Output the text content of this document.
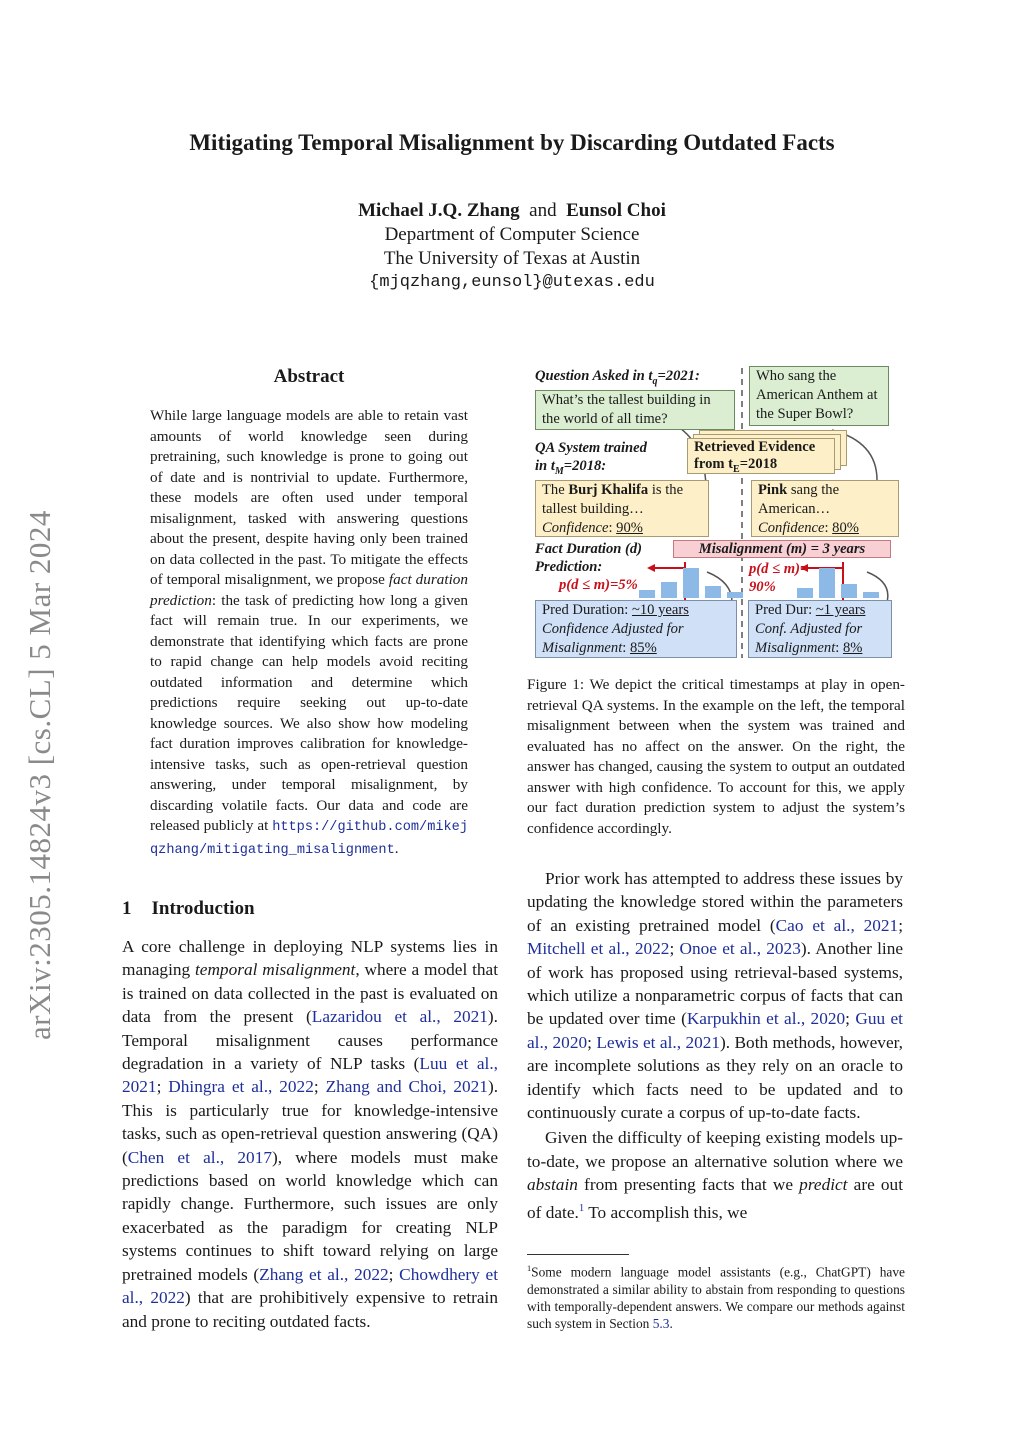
arXiv:2305.14824v3 [cs.CL] 5 Mar 2024
Mitigating Temporal Misalignment by Discarding Outdated Facts
Michael J.Q. Zhang and Eunsol Choi
Department of Computer Science
The University of Texas at Austin
{mjqzhang,eunsol}@utexas.edu
Abstract
While large language models are able to retain vast amounts of world knowledge seen during pretraining, such knowledge is prone to going out of date and is nontrivial to update. Furthermore, these models are often used under temporal misalignment, tasked with answering questions about the present, despite having only been trained on data collected in the past. To mitigate the effects of temporal misalignment, we propose fact duration prediction: the task of predicting how long a given fact will remain true. In our experiments, we demonstrate that identifying which facts are prone to rapid change can help models avoid reciting outdated information and determine which predictions require seeking out up-to-date knowledge sources. We also show how modeling fact duration improves calibration for knowledge-intensive tasks, such as open-retrieval question answering, under temporal misalignment, by discarding volatile facts. Our data and code are released publicly at https://github.com/mikejqzhang/mitigating_misalignment.
1 Introduction
A core challenge in deploying NLP systems lies in managing temporal misalignment, where a model that is trained on data collected in the past is evaluated on data from the present (Lazaridou et al., 2021). Temporal misalignment causes performance degradation in a variety of NLP tasks (Luu et al., 2021; Dhingra et al., 2022; Zhang and Choi, 2021). This is particularly true for knowledge-intensive tasks, such as open-retrieval question answering (QA) (Chen et al., 2017), where models must make predictions based on world knowledge which can rapidly change. Furthermore, such issues are only exacerbated as the paradigm for creating NLP systems continues to shift toward relying on large pretrained models (Zhang et al., 2022; Chowdhery et al., 2022) that are prohibitively expensive to retrain and prone to reciting outdated facts.
Question Asked in $t_q=2021$:
What’s the tallest building in the world of all time?
Who sang the American Anthem at the Super Bowl?
QA System trained
in $t_M=2018$:
Retrieved Evidence
from $t_E=2018$
The Burj Khalifa is the tallest building…
Confidence: 90%
Pink sang the American…
Confidence: 80%
Fact Duration (d)
Prediction:
Misalignment (m) = 3 years
p(d ≤ m)=5%
p(d ≤ m)=
90%
Pred Duration: ~10 years
Confidence Adjusted for Misalignment: 85%
Pred Dur: ~1 years
Conf. Adjusted for Misalignment: 8%
Figure 1: We depict the critical timestamps at play in open-retrieval QA systems. In the example on the left, the temporal misalignment between when the system was trained and evaluated has no affect on the answer. On the right, the answer has changed, causing the system to output an outdated answer with high confidence. To account for this, we apply our fact duration prediction system to adjust the system’s confidence accordingly.

Prior work has attempted to address these issues by updating the knowledge stored within the parameters of an existing pretrained model (Cao et al., 2021; Mitchell et al., 2022; Onoe et al., 2023). Another line of work has proposed using retrieval-based systems, which utilize a nonparametric corpus of facts that can be updated over time (Karpukhin et al., 2020; Guu et al., 2020; Lewis et al., 2021). Both methods, however, are incomplete solutions as they rely on an oracle to identify which facts need to be updated and to continuously curate a corpus of up-to-date facts.

Given the difficulty of keeping existing models up-to-date, we propose an alternative solution where we abstain from presenting facts that we predict are out of date.$^1$ To accomplish this, we

$^1$Some modern language model assistants (e.g., ChatGPT) have demonstrated a similar ability to abstain from responding to questions with temporally-dependent answers. We compare our methods against such system in Section 5.3.
